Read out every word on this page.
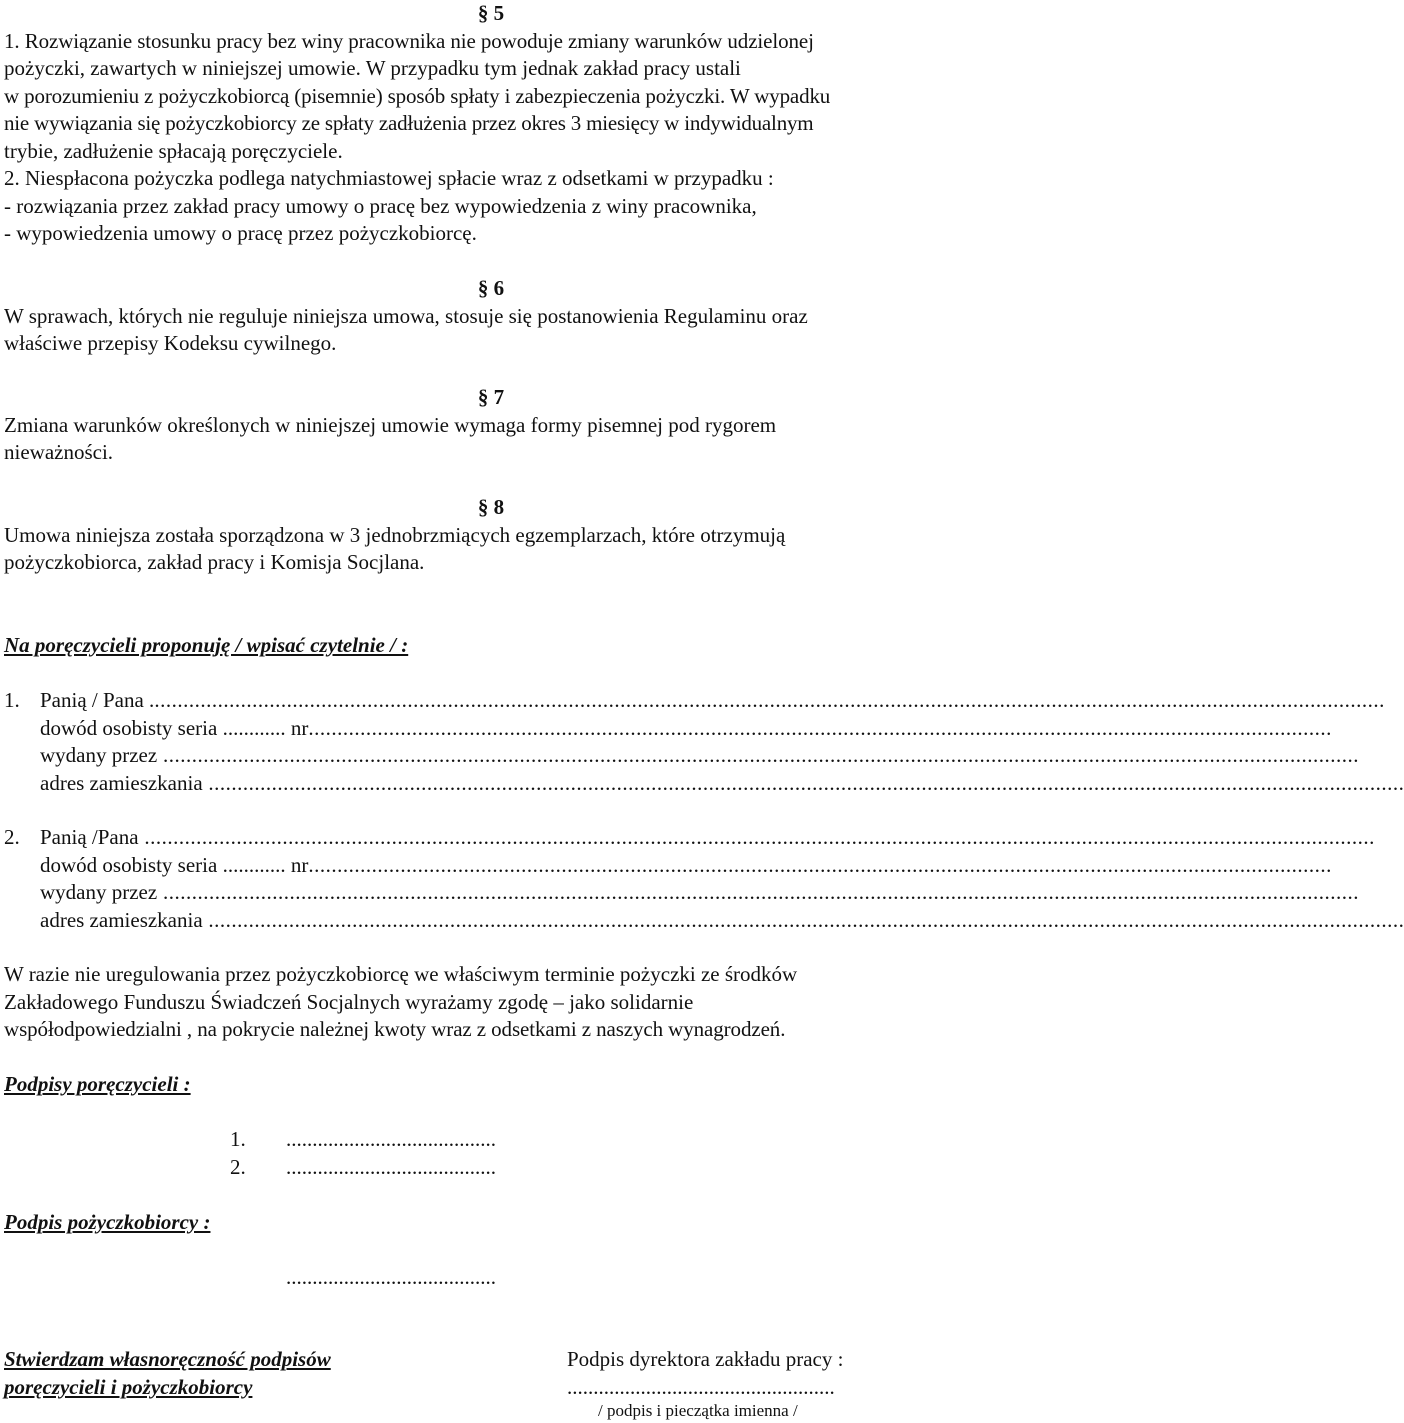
§ 5
1. Rozwiązanie stosunku pracy bez winy pracownika nie powoduje zmiany warunków udzielonej
pożyczki, zawartych w niniejszej umowie. W przypadku tym jednak zakład pracy ustali
w porozumieniu z pożyczkobiorcą (pisemnie) sposób spłaty i zabezpieczenia pożyczki. W wypadku
nie wywiązania się pożyczkobiorcy ze spłaty zadłużenia przez okres 3 miesięcy w indywidualnym
trybie, zadłużenie spłacają poręczyciele.
2. Niespłacona pożyczka podlega natychmiastowej spłacie wraz z odsetkami w przypadku :
- rozwiązania przez zakład pracy umowy o pracę bez wypowiedzenia z winy pracownika,
- wypowiedzenia umowy o pracę przez pożyczkobiorcę.
§ 6
W sprawach, których nie reguluje niniejsza umowa, stosuje się postanowienia Regulaminu oraz
właściwe przepisy Kodeksu cywilnego.
§ 7
Zmiana warunków określonych w niniejszej umowie wymaga formy pisemnej pod rygorem
nieważności.
§ 8
Umowa niniejsza została sporządzona w 3 jednobrzmiących egzemplarzach, które otrzymują
pożyczkobiorca, zakład pracy i Komisja Socjlana.
Na poręczycieli proponuję / wpisać czytelnie / :
1. Panią / Pana . ......................................................................................................................................................................................................................
dowód osobisty seria ............ nr ..................................................................................................................................................................................
wydany przez ................................................................................................................................................................................................................
adres zamieszkania ................................................................................................................................................................................................................
2. Panią /Pana ......................................................................................................................................................................................................................
dowód osobisty seria ............ nr ..................................................................................................................................................................................
wydany przez ................................................................................................................................................................................................................
adres zamieszkania ................................................................................................................................................................................................................
W razie nie uregulowania przez pożyczkobiorcę we właściwym terminie pożyczki ze środków
Zakładowego Funduszu Świadczeń Socjalnych wyrażamy zgodę – jako solidarnie
współodpowiedzialni , na pokrycie należnej kwoty wraz z odsetkami z naszych wynagrodzeń.
Podpisy poręczycieli :
1. ........................................
2. ........................................
Podpis pożyczkobiorcy :
........................................
Stwierdzam własnoręczność podpisów
poręczycieli i pożyczkobiorcy
Podpis dyrektora zakładu pracy :
...................................................
/ podpis i pieczątka imienna /
